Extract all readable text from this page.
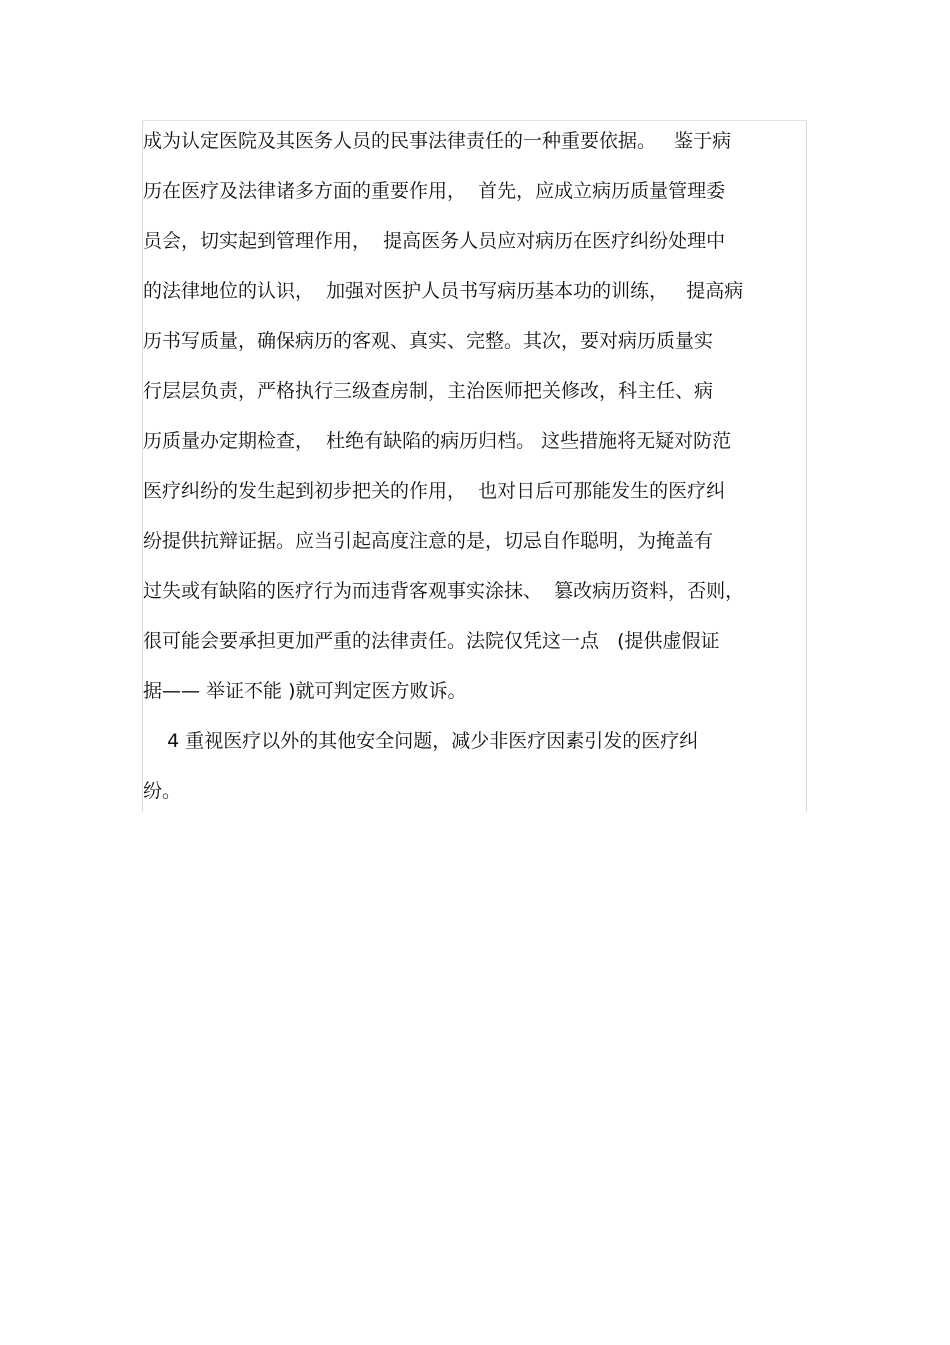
成为认定医院及其医务人员的民事法律责任的一种重要依据。   鉴于病
历在医疗及法律诸多方面的重要作用，  首先，应成立病历质量管理委
员会，切实起到管理作用，  提高医务人员应对病历在医疗纠纷处理中
的法律地位的认识，  加强对医护人员书写病历基本功的训练，   提高病
历书写质量，确保病历的客观、真实、完整。其次，要对病历质量实
行层层负责，严格执行三级查房制，主治医师把关修改，科主任、病
历质量办定期检查，  杜绝有缺陷的病历归档。 这些措施将无疑对防范
医疗纠纷的发生起到初步把关的作用，  也对日后可那能发生的医疗纠
纷提供抗辩证据。应当引起高度注意的是，切忌自作聪明，为掩盖有
过失或有缺陷的医疗行为而违背客观事实涂抹、  篡改病历资料，否则，
很可能会要承担更加严重的法律责任。法院仅凭这一点   (提供虚假证
据—— 举证不能 )就可判定医方败诉。
4 重视医疗以外的其他安全问题，减少非医疗因素引发的医疗纠
纷。
